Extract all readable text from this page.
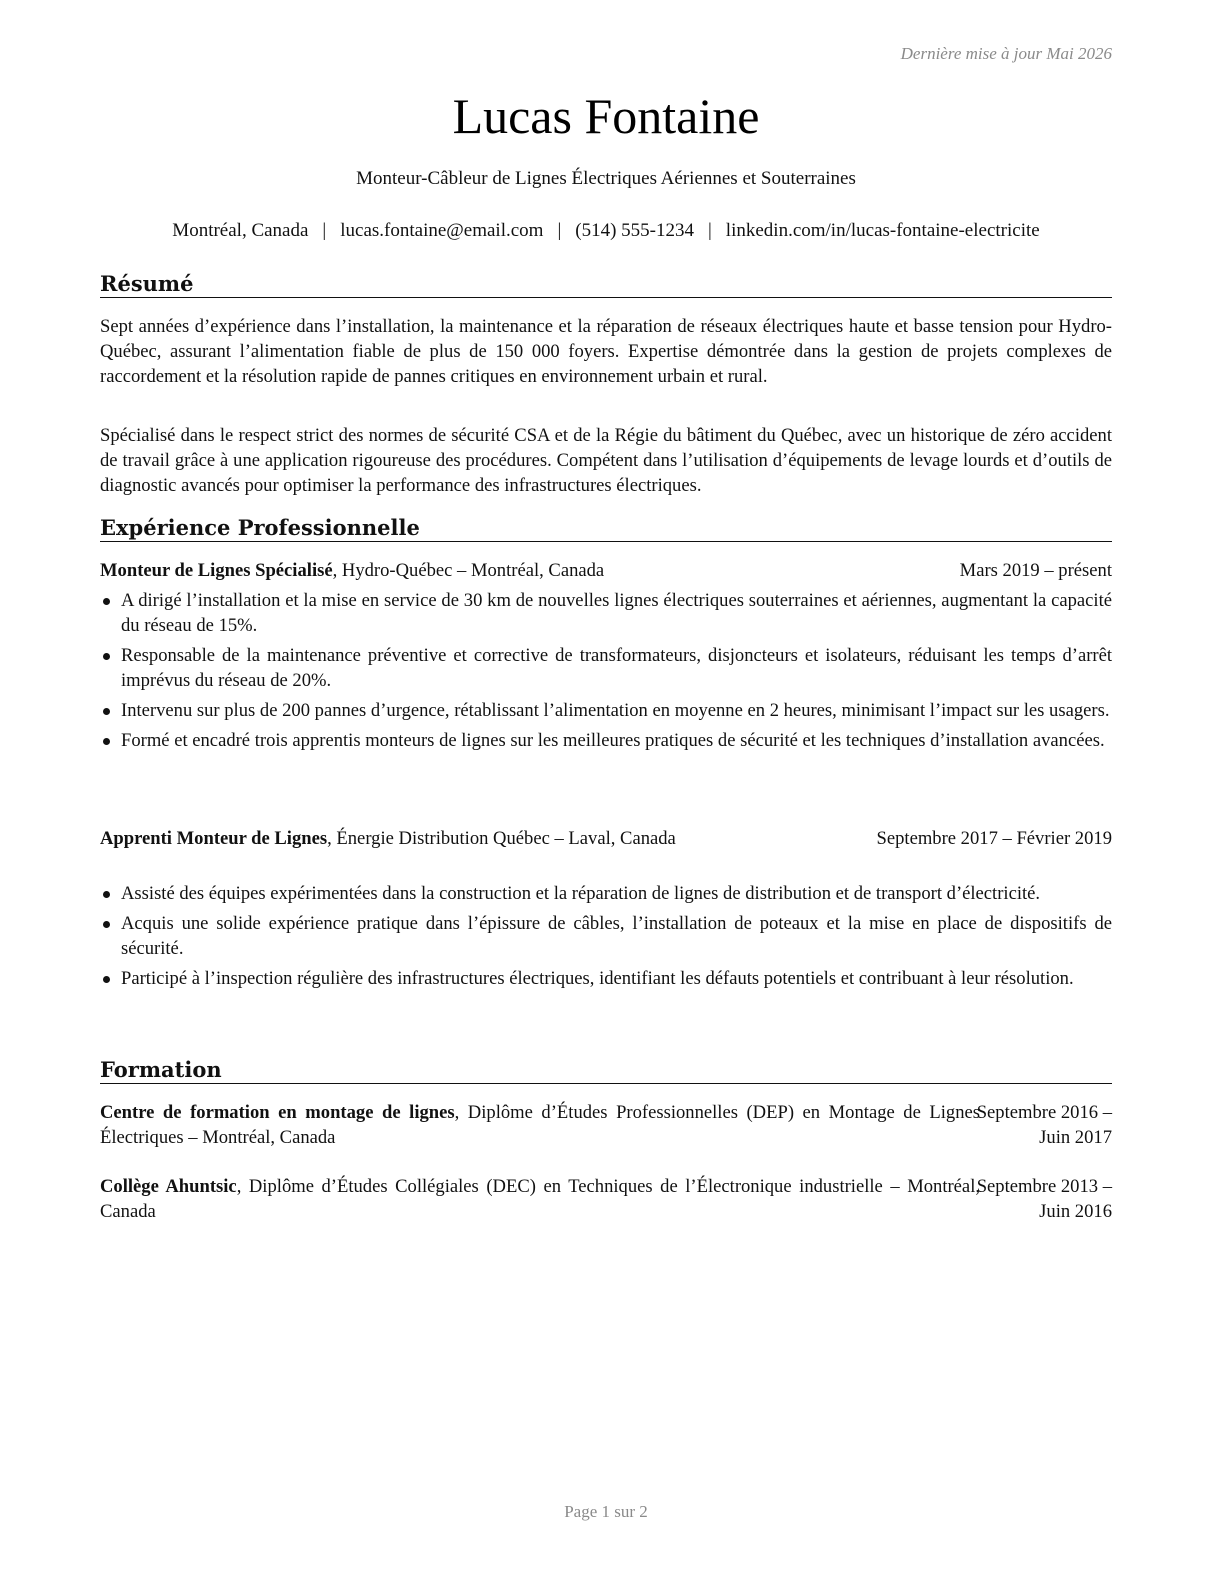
Dernière mise à jour Mai 2026
Lucas Fontaine
Monteur-Câbleur de Lignes Électriques Aériennes et Souterraines
Montréal, Canada | lucas.fontaine@email.com | (514) 555-1234 | linkedin.com/in/lucas-fontaine-electricite
Résumé
Sept années d’expérience dans l’installation, la maintenance et la réparation de réseaux électriques haute et basse tension pour Hydro-Québec, assurant l’alimentation fiable de plus de 150 000 foyers. Expertise démontrée dans la gestion de projets complexes de raccordement et la résolution rapide de pannes critiques en environnement urbain et rural.
Spécialisé dans le respect strict des normes de sécurité CSA et de la Régie du bâtiment du Québec, avec un historique de zéro accident de travail grâce à une application rigoureuse des procédures. Compétent dans l’utilisation d’équipements de levage lourds et d’outils de diagnostic avancés pour optimiser la performance des infrastructures électriques.
Expérience Professionnelle
Monteur de Lignes Spécialisé, Hydro-Québec – Montréal, Canada	Mars 2019 – présent
A dirigé l’installation et la mise en service de 30 km de nouvelles lignes électriques souterraines et aériennes, augmentant la capacité du réseau de 15%.
Responsable de la maintenance préventive et corrective de transformateurs, disjoncteurs et isolateurs, réduisant les temps d’arrêt imprévus du réseau de 20%.
Intervenu sur plus de 200 pannes d’urgence, rétablissant l’alimentation en moyenne en 2 heures, minimisant l’impact sur les usagers.
Formé et encadré trois apprentis monteurs de lignes sur les meilleures pratiques de sécurité et les techniques d’installation avancées.
Apprenti Monteur de Lignes, Énergie Distribution Québec – Laval, Canada	Septembre 2017 – Février 2019
Assisté des équipes expérimentées dans la construction et la réparation de lignes de distribution et de transport d’électricité.
Acquis une solide expérience pratique dans l’épissure de câbles, l’installation de poteaux et la mise en place de dispositifs de sécurité.
Participé à l’inspection régulière des infrastructures électriques, identifiant les défauts potentiels et contribuant à leur résolution.
Formation
Centre de formation en montage de lignes, Diplôme d’Études Professionnelles (DEP) en Montage de Lignes Électriques – Montréal, Canada
Septembre 2016 – Juin 2017
Collège Ahuntsic, Diplôme d’Études Collégiales (DEC) en Techniques de l’Électronique industrielle – Montréal, Canada
Septembre 2013 – Juin 2016
Page 1 sur 2
